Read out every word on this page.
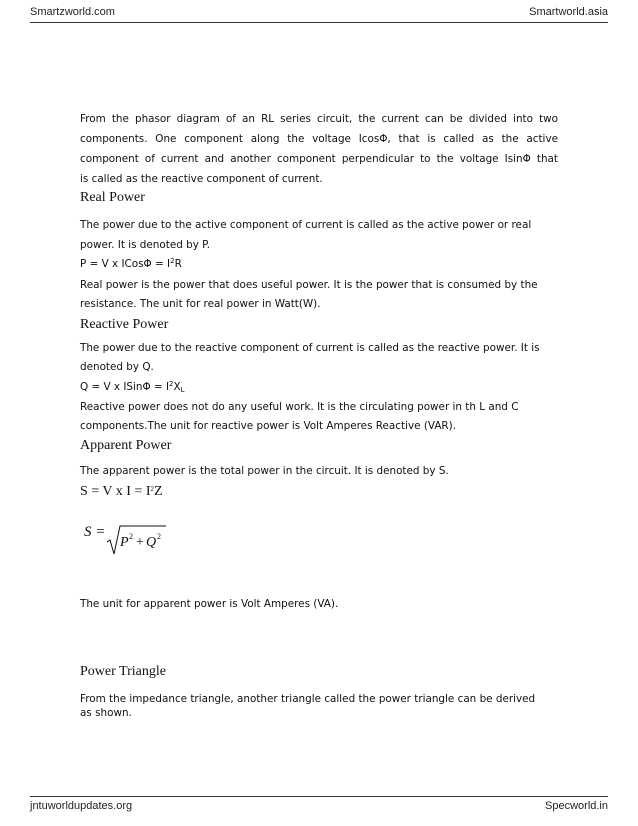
Smartzworld.com	Smartworld.asia
From the phasor diagram of an RL series circuit, the current can be divided into two
components. One component along the voltage IcosΦ, that is called as the active
component of current and another component perpendicular to the voltage IsinΦ that
is called as the reactive component of current.
Real Power
The power due to the active component of current is called as the active power or real
power. It is denoted by P.
P = V x ICosΦ = $I^2R$
Real power is the power that does useful power. It is the power that is consumed by the
resistance. The unit for real power in Watt(W).
Reactive Power
The power due to the reactive component of current is called as the reactive power. It is
denoted by Q.
Q = V x ISinΦ = $I^2X_L$
Reactive power does not do any useful work. It is the circulating power in th L and C
components.The unit for reactive power is Volt Amperes Reactive (VAR).
Apparent Power
The apparent power is the total power in the circuit. It is denoted by S.
S = V x $I = I^2Z$
S =
P 2 + Q 2
The unit for apparent power is Volt Amperes (VA).
Power Triangle
From the impedance triangle, another triangle called the power triangle can be derived
as shown.
jntuworldupdates.org	Specworld.in
